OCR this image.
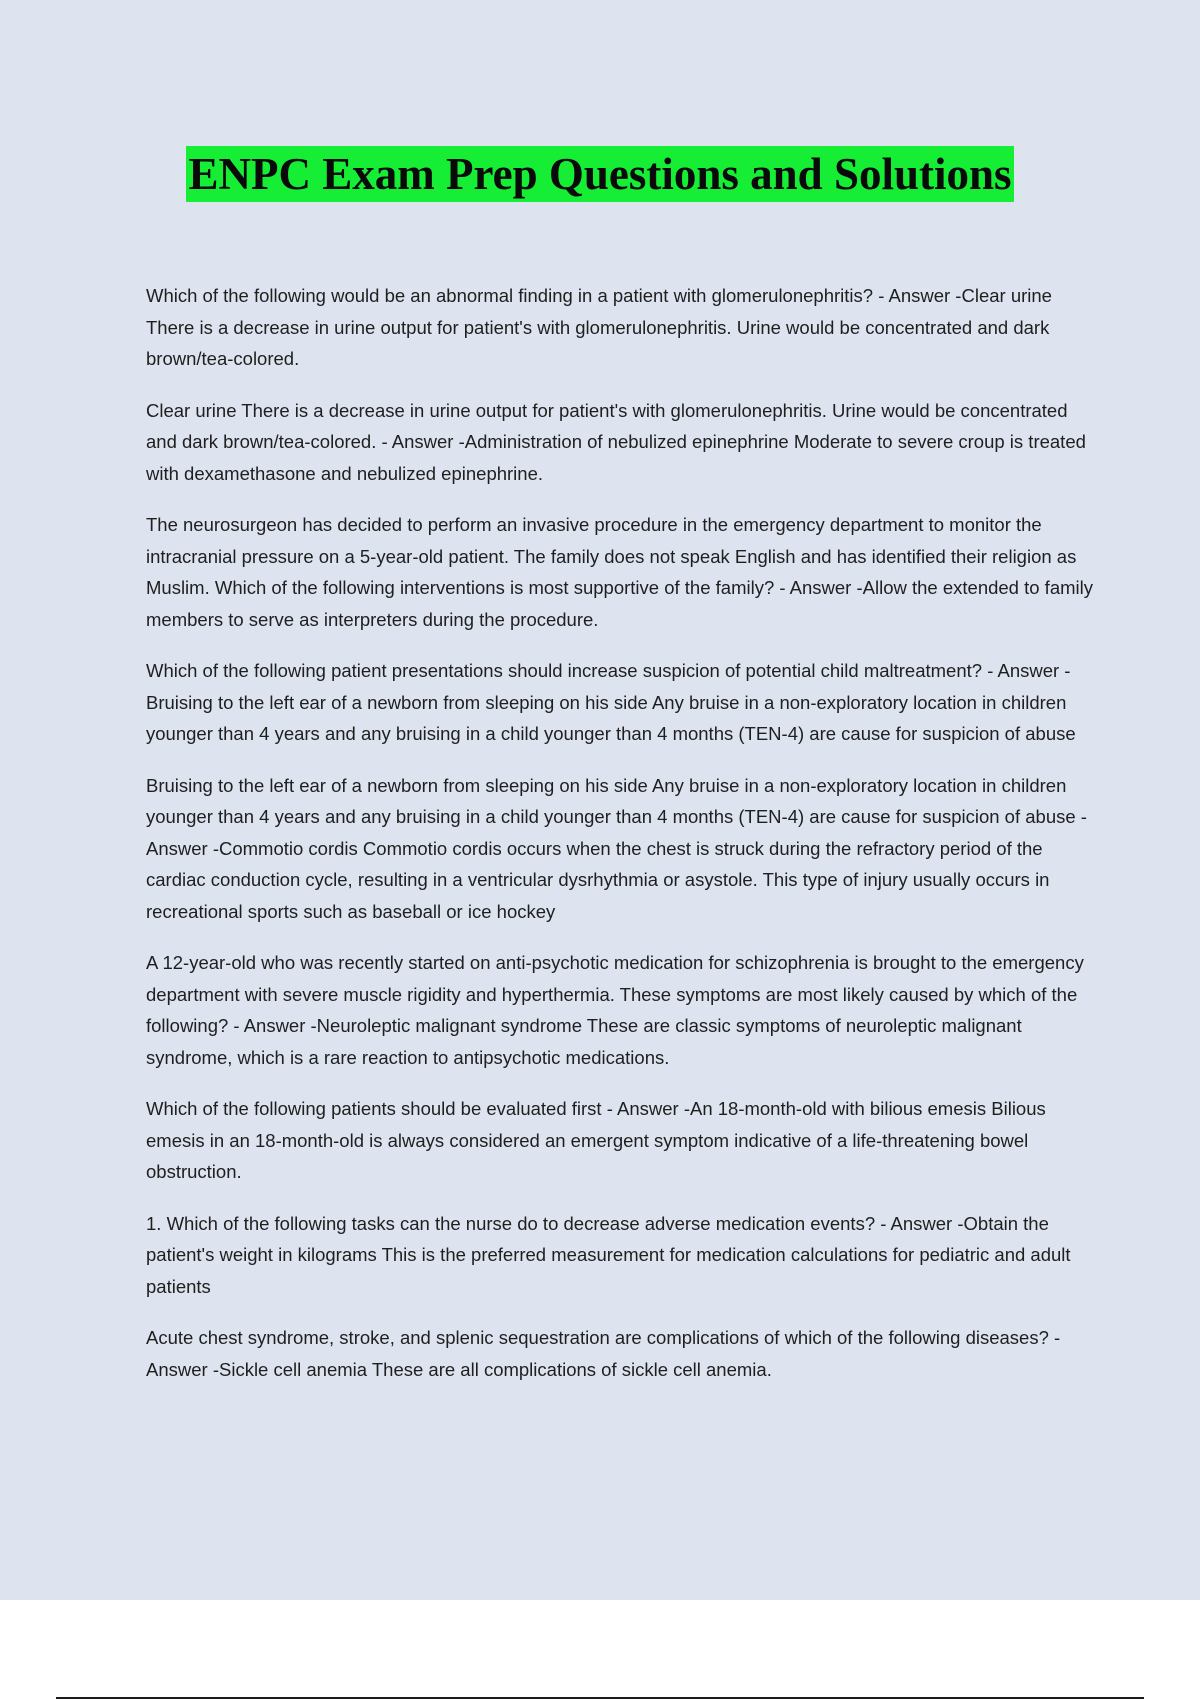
ENPC Exam Prep Questions and Solutions

Which of the following would be an abnormal finding in a patient with glomerulonephritis? - Answer -Clear urine There is a decrease in urine output for patient's with glomerulonephritis. Urine would be concentrated and dark brown/tea-colored.

Clear urine There is a decrease in urine output for patient's with glomerulonephritis. Urine would be concentrated and dark brown/tea-colored. - Answer -Administration of nebulized epinephrine Moderate to severe croup is treated with dexamethasone and nebulized epinephrine.

The neurosurgeon has decided to perform an invasive procedure in the emergency department to monitor the intracranial pressure on a 5-year-old patient. The family does not speak English and has identified their religion as Muslim. Which of the following interventions is most supportive of the family? - Answer -Allow the extended to family members to serve as interpreters during the procedure.

Which of the following patient presentations should increase suspicion of potential child maltreatment? - Answer -Bruising to the left ear of a newborn from sleeping on his side Any bruise in a non-exploratory location in children younger than 4 years and any bruising in a child younger than 4 months (TEN-4) are cause for suspicion of abuse

Bruising to the left ear of a newborn from sleeping on his side Any bruise in a non-exploratory location in children younger than 4 years and any bruising in a child younger than 4 months (TEN-4) are cause for suspicion of abuse - Answer -Commotio cordis Commotio cordis occurs when the chest is struck during the refractory period of the cardiac conduction cycle, resulting in a ventricular dysrhythmia or asystole. This type of injury usually occurs in recreational sports such as baseball or ice hockey

A 12-year-old who was recently started on anti-psychotic medication for schizophrenia is brought to the emergency department with severe muscle rigidity and hyperthermia. These symptoms are most likely caused by which of the following? - Answer -Neuroleptic malignant syndrome These are classic symptoms of neuroleptic malignant syndrome, which is a rare reaction to antipsychotic medications.

Which of the following patients should be evaluated first - Answer -An 18-month-old with bilious emesis Bilious emesis in an 18-month-old is always considered an emergent symptom indicative of a life-threatening bowel obstruction.

1. Which of the following tasks can the nurse do to decrease adverse medication events? - Answer -Obtain the patient's weight in kilograms This is the preferred measurement for medication calculations for pediatric and adult patients

Acute chest syndrome, stroke, and splenic sequestration are complications of which of the following diseases? - Answer -Sickle cell anemia These are all complications of sickle cell anemia.
